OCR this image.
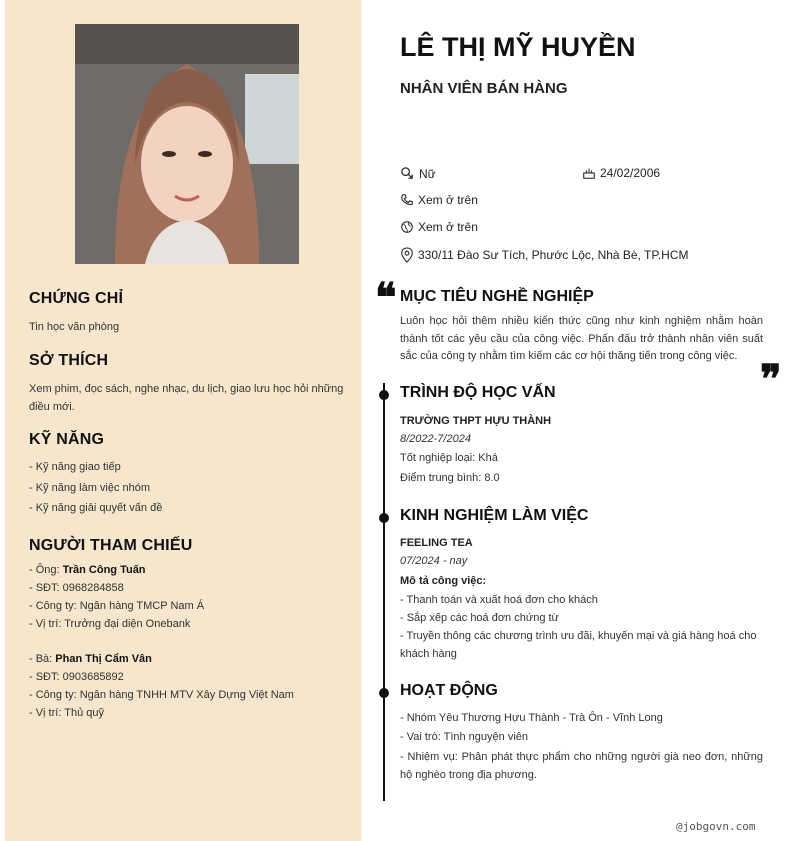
CHỨNG CHỈ

Tin học văn phòng

SỞ THÍCH

Xem phim, đọc sách, nghe nhạc, du lịch, giao lưu học hỏi những điều mới.

KỸ NĂNG
- Kỹ năng giao tiếp
- Kỹ năng làm việc nhóm
- Kỹ năng giải quyết vấn đề
NGƯỜI THAM CHIẾU
- Ông: Trần Công Tuấn
- SĐT: 0968284858
- Công ty: Ngân hàng TMCP Nam Á
- Vị trí: Trưởng đại diện Onebank
- Bà: Phan Thị Cẩm Vân
- SĐT: 0903685892
- Công ty: Ngân hàng TNHH MTV Xây Dựng Việt Nam
- Vị trí: Thủ quỹ
LÊ THỊ MỸ HUYỀN
NHÂN VIÊN BÁN HÀNG
Nữ	24/02/2006
Xem ở trên
Xem ở trên
330/11 Đào Sư Tích, Phước Lộc, Nhà Bè, TP.HCM
❝ MỤC TIÊU NGHỀ NGHIỆP
Luôn học hỏi thêm nhiều kiến thức cũng như kinh nghiệm nhằm hoàn thành tốt các yêu cầu của công việc. Phấn đấu trở thành nhân viên suất sắc của công ty nhằm tìm kiếm các cơ hội thăng tiến trong công việc. ❞
TRÌNH ĐỘ HỌC VẤN
TRƯỜNG THPT HỰU THÀNH
8/2022-7/2024
Tốt nghiệp loại: Khá
Điểm trung bình: 8.0
KINH NGHIỆM LÀM VIỆC
FEELING TEA
07/2024 - nay
Mô tả công việc:
- Thanh toán và xuất hoá đơn cho khách
- Sắp xếp các hoá đơn chứng từ
- Truyền thông các chương trình ưu đãi, khuyến mại và giá hàng hoá cho khách hàng
HOẠT ĐỘNG
- Nhóm Yêu Thương Hựu Thành - Trà Ôn - Vĩnh Long
- Vai trò: Tình nguyện viên
- Nhiệm vụ: Phân phát thực phẩm cho những người già neo đơn, những hộ nghèo trong địa phương.
@jobgovn.com
